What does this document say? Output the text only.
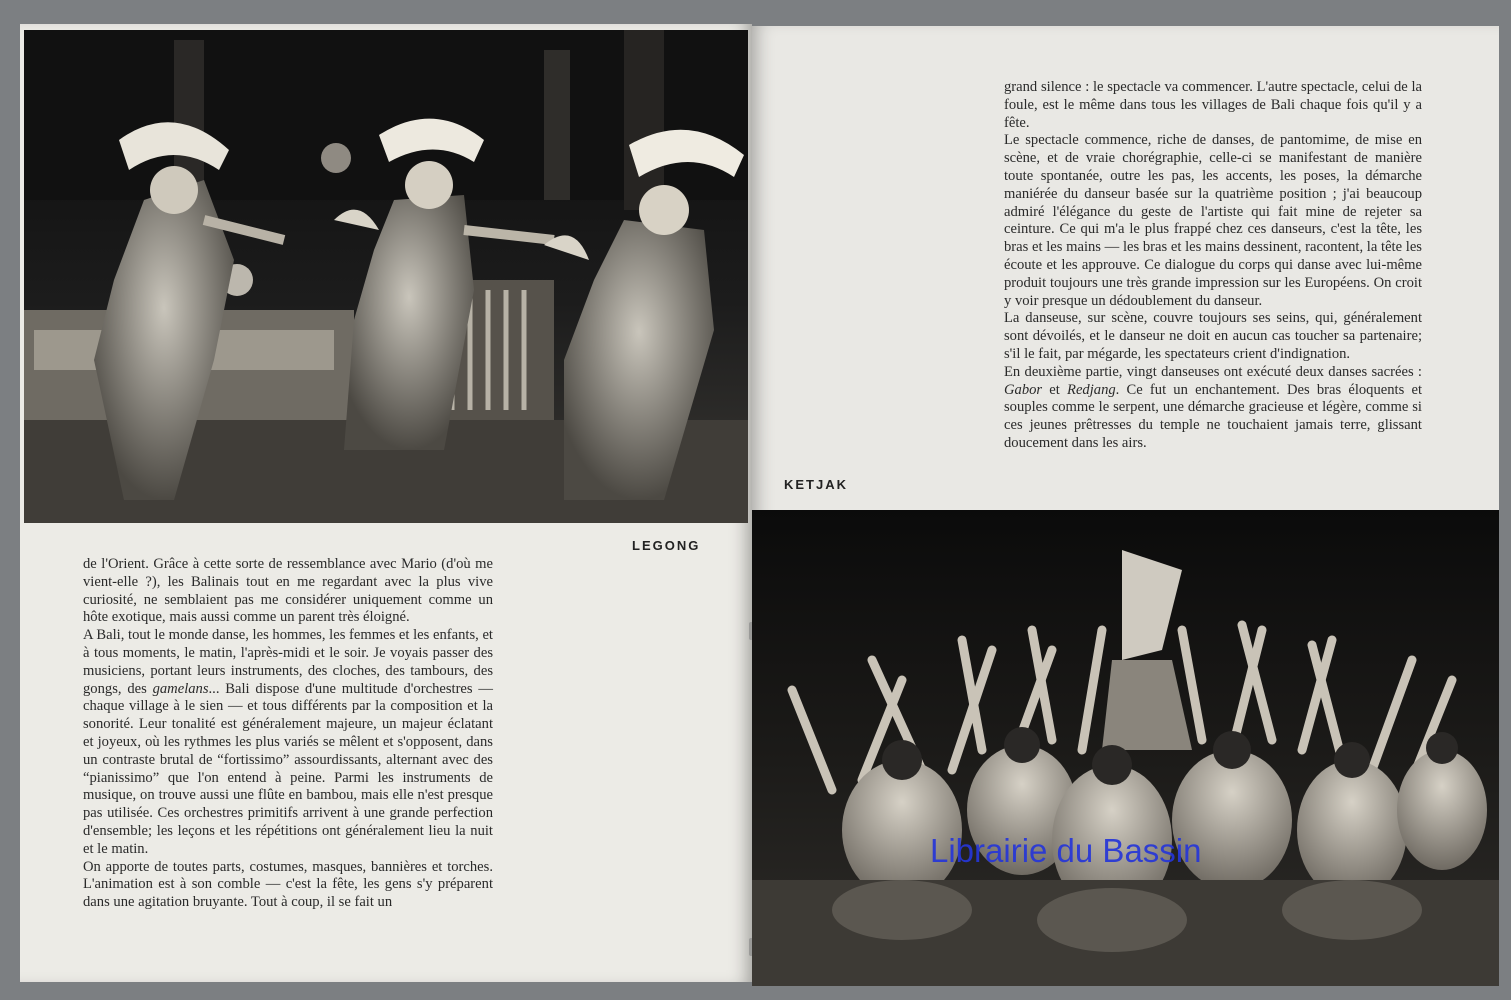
LEGONG
KETJAK

de l'Orient. Grâce à cette sorte de ressemblance avec Mario (d'où me vient-elle ?), les Balinais tout en me regardant avec la plus vive curiosité, ne semblaient pas me considérer uniquement comme un hôte exotique, mais aussi comme un parent très éloigné.

A Bali, tout le monde danse, les hommes, les femmes et les enfants, et à tous moments, le matin, l'après-midi et le soir. Je voyais passer des musiciens, portant leurs instruments, des cloches, des tambours, des gongs, des gamelans... Bali dispose d'une multitude d'orchestres — chaque village à le sien — et tous différents par la composition et la sonorité. Leur tonalité est généralement majeure, un majeur éclatant et joyeux, où les rythmes les plus variés se mêlent et s'opposent, dans un contraste brutal de “fortissimo” assourdissants, alternant avec des “pianissimo” que l'on entend à peine. Parmi les instruments de musique, on trouve aussi une flûte en bambou, mais elle n'est presque pas utilisée. Ces orchestres primitifs arrivent à une grande perfection d'ensemble; les leçons et les répétitions ont généralement lieu la nuit et le matin.

On apporte de toutes parts, costumes, masques, bannières et torches. L'animation est à son comble — c'est la fête, les gens s'y préparent dans une agitation bruyante. Tout à coup, il se fait un

grand silence : le spectacle va commencer. L'autre spectacle, celui de la foule, est le même dans tous les villages de Bali chaque fois qu'il y a fête.

Le spectacle commence, riche de danses, de pantomime, de mise en scène, et de vraie chorégraphie, celle-ci se manifestant de manière toute spontanée, outre les pas, les accents, les poses, la démarche maniérée du danseur basée sur la quatrième position ; j'ai beaucoup admiré l'élégance du geste de l'artiste qui fait mine de rejeter sa ceinture. Ce qui m'a le plus frappé chez ces danseurs, c'est la tête, les bras et les mains — les bras et les mains dessinent, racontent, la tête les écoute et les approuve. Ce dialogue du corps qui danse avec lui-même produit toujours une très grande impression sur les Européens. On croit y voir presque un dédoublement du danseur.

La danseuse, sur scène, couvre toujours ses seins, qui, généralement sont dévoilés, et le danseur ne doit en aucun cas toucher sa partenaire; s'il le fait, par mégarde, les spectateurs crient d'indignation.

En deuxième partie, vingt danseuses ont exécuté deux danses sacrées : Gabor et Redjang. Ce fut un enchantement. Des bras éloquents et souples comme le serpent, une démarche gracieuse et légère, comme si ces jeunes prêtresses du temple ne touchaient jamais terre, glissant doucement dans les airs.

Librairie du Bassin
